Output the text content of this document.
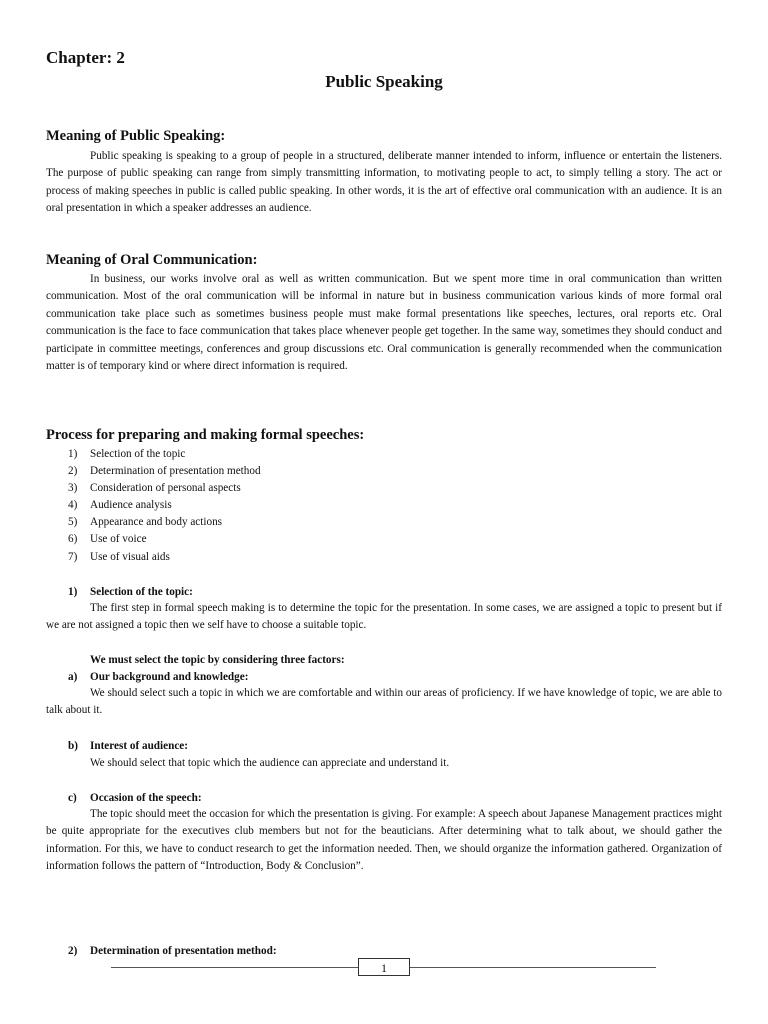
Chapter: 2
Public Speaking
Meaning of Public Speaking:
Public speaking is speaking to a group of people in a structured, deliberate manner intended to inform, influence or entertain the listeners. The purpose of public speaking can range from simply transmitting information, to motivating people to act, to simply telling a story. The act or process of making speeches in public is called public speaking. In other words, it is the art of effective oral communication with an audience. It is an oral presentation in which a speaker addresses an audience.
Meaning of Oral Communication:
In business, our works involve oral as well as written communication. But we spent more time in oral communication than written communication. Most of the oral communication will be informal in nature but in business communication various kinds of more formal oral communication take place such as sometimes business people must make formal presentations like speeches, lectures, oral reports etc. Oral communication is the face to face communication that takes place whenever people get together. In the same way, sometimes they should conduct and participate in committee meetings, conferences and group discussions etc. Oral communication is generally recommended when the communication matter is of temporary kind or where direct information is required.
Process for preparing and making formal speeches:
1) Selection of the topic
2) Determination of presentation method
3) Consideration of personal aspects
4) Audience analysis
5) Appearance and body actions
6) Use of voice
7) Use of visual aids
1) Selection of the topic:
The first step in formal speech making is to determine the topic for the presentation. In some cases, we are assigned a topic to present but if we are not assigned a topic then we self have to choose a suitable topic.
We must select the topic by considering three factors:
a) Our background and knowledge:
We should select such a topic in which we are comfortable and within our areas of proficiency. If we have knowledge of topic, we are able to talk about it.
b) Interest of audience:
We should select that topic which the audience can appreciate and understand it.
c) Occasion of the speech:
The topic should meet the occasion for which the presentation is giving. For example: A speech about Japanese Management practices might be quite appropriate for the executives club members but not for the beauticians. After determining what to talk about, we should gather the information. For this, we have to conduct research to get the information needed. Then, we should organize the information gathered. Organization of information follows the pattern of “Introduction, Body & Conclusion”.
2) Determination of presentation method:
1
